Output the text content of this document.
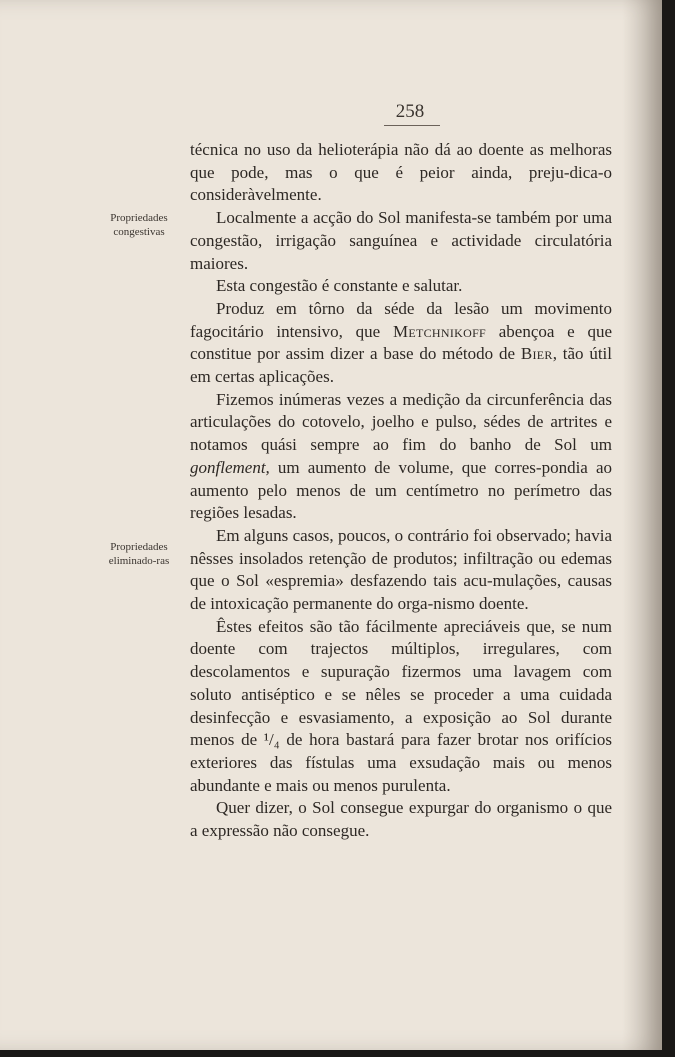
258
Propriedades congestivas
Propriedades eliminado-ras

técnica no uso da helioterápia não dá ao doente as melhoras que pode, mas o que é peior ainda, preju-dica-o consideràvelmente.

Localmente a acção do Sol manifesta-se também por uma congestão, irrigação sanguínea e actividade circulatória maiores.

Esta congestão é constante e salutar.

Produz em tôrno da séde da lesão um movimento fagocitário intensivo, que Metchnikoff abençoa e que constitue por assim dizer a base do método de Bier, tão útil em certas aplicações.

Fizemos inúmeras vezes a medição da circunferência das articulações do cotovelo, joelho e pulso, sédes de artrites e notamos quási sempre ao fim do banho de Sol um gonflement, um aumento de volume, que corres-pondia ao aumento pelo menos de um centímetro no perímetro das regiões lesadas.

Em alguns casos, poucos, o contrário foi observado; havia nêsses insolados retenção de produtos; infiltração ou edemas que o Sol «espremia» desfazendo tais acu-mulações, causas de intoxicação permanente do orga-nismo doente.

Êstes efeitos são tão fácilmente apreciáveis que, se num doente com trajectos múltiplos, irregulares, com descolamentos e supuração fizermos uma lavagem com soluto antiséptico e se nêles se proceder a uma cuidada desinfecção e esvasiamento, a exposição ao Sol durante menos de ¹/₄ de hora bastará para fazer brotar nos orifícios exteriores das fístulas uma exsudação mais ou menos abundante e mais ou menos purulenta.

Quer dizer, o Sol consegue expurgar do organismo o que a expressão não consegue.
